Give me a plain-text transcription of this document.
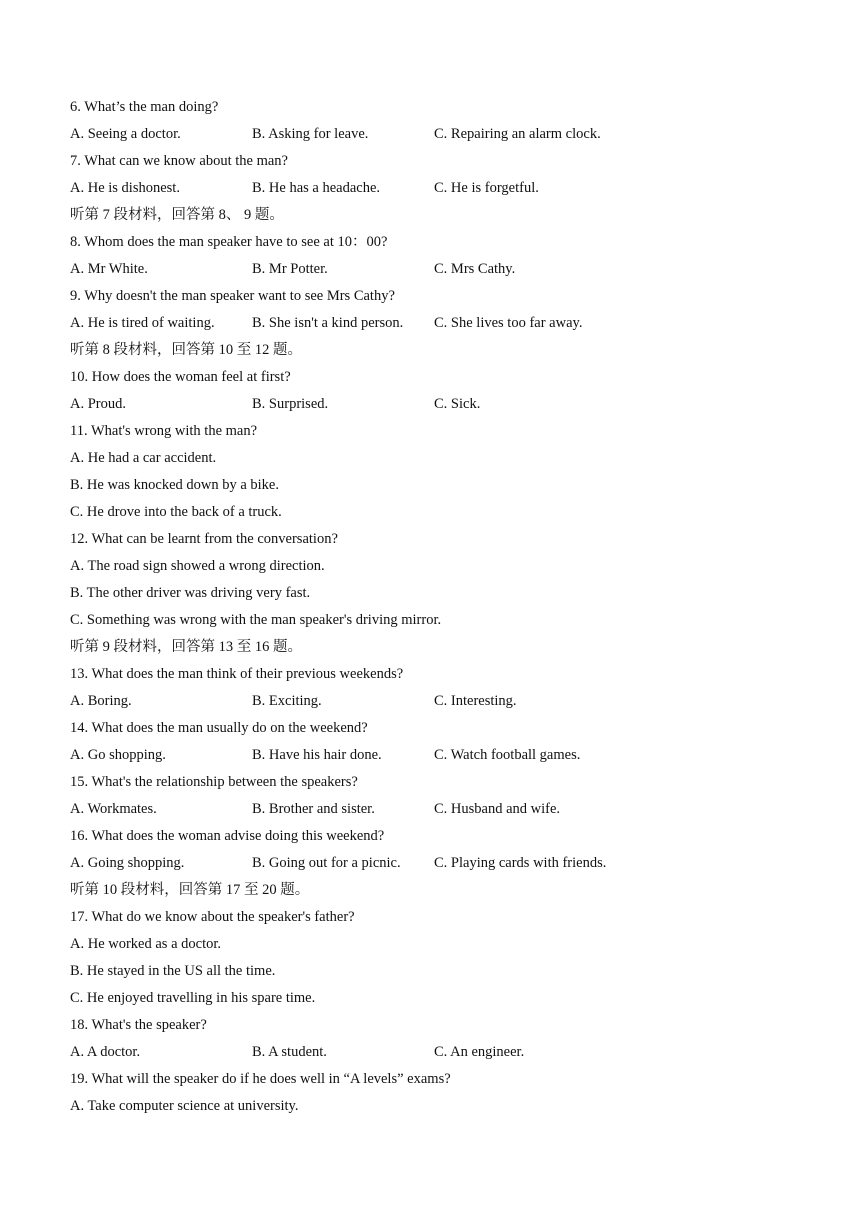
6. What’s the man doing?
A. Seeing a doctor.	B. Asking for leave.	C. Repairing an alarm clock.
7. What can we know about the man?
A. He is dishonest.	B. He has a headache.	C. He is forgetful.
听第 7 段材料，回答第 8、 9 题。
8. Whom does the man speaker have to see at 10：00?
A. Mr White.	B. Mr Potter.	C. Mrs Cathy.
9. Why doesn't the man speaker want to see Mrs Cathy?
A. He is tired of waiting.	B. She isn't a kind person. C. She lives too far away.
听第 8 段材料，回答第 10 至 12 题。
10. How does the woman feel at first?
A. Proud.	B. Surprised.	C. Sick.
11. What's wrong with the man?
A. He had a car accident.
B. He was knocked down by a bike.
C. He drove into the back of a truck.
12. What can be learnt from the conversation?
A. The road sign showed a wrong direction.
B. The other driver was driving very fast.
C. Something was wrong with the man speaker's driving mirror.
听第 9 段材料，回答第 13 至 16 题。
13. What does the man think of their previous weekends?
A. Boring.	B. Exciting.	C. Interesting.
14. What does the man usually do on the weekend?
A. Go shopping.	B. Have his hair done.	C. Watch football games.
15. What's the relationship between the speakers?
A. Workmates.	B. Brother and sister.	C. Husband and wife.
16. What does the woman advise doing this weekend?
A. Going shopping.	B. Going out for a picnic. C. Playing cards with friends.
听第 10 段材料，回答第 17 至 20 题。
17. What do we know about the speaker's father?
A. He worked as a doctor.
B. He stayed in the US all the time.
C. He enjoyed travelling in his spare time.
18. What's the speaker?
A. A doctor.	B. A student.	C. An engineer.
19. What will the speaker do if he does well in “A levels” exams?
A. Take computer science at university.
